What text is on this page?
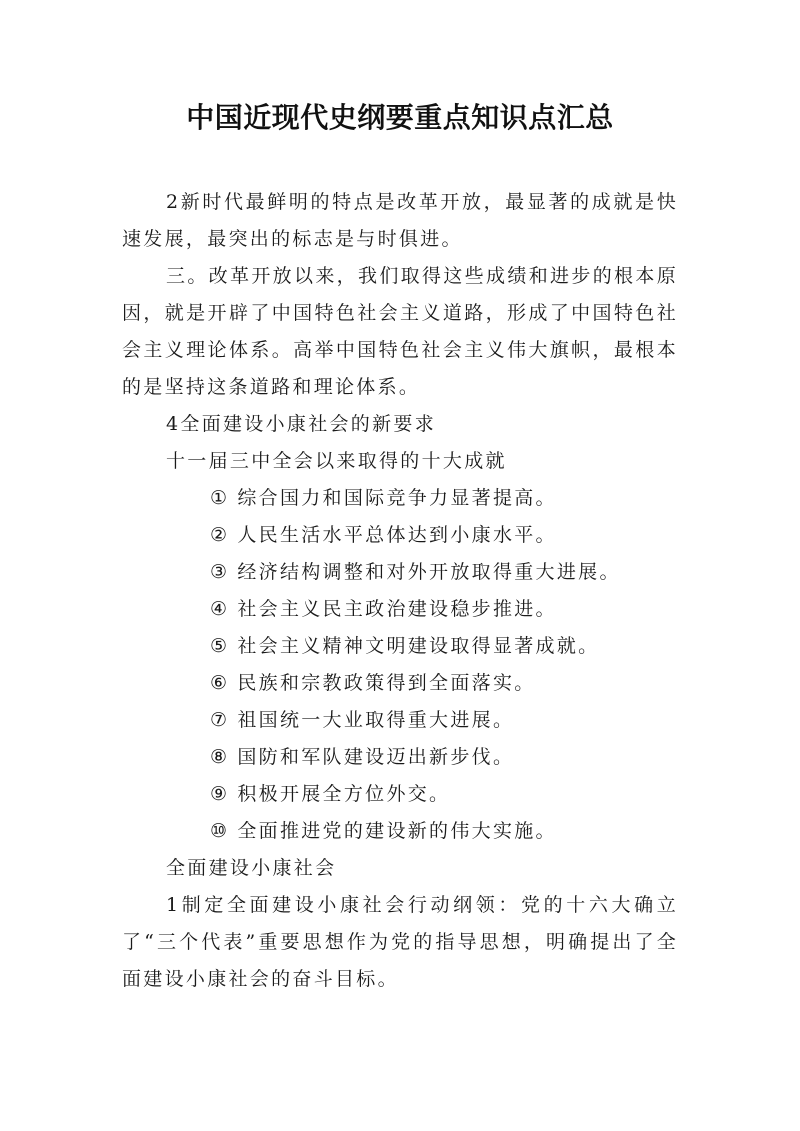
中国近现代史纲要重点知识点汇总

2新时代最鲜明的特点是改革开放，最显著的成就是快速发展，最突出的标志是与时俱进。

三。改革开放以来，我们取得这些成绩和进步的根本原因，就是开辟了中国特色社会主义道路，形成了中国特色社会主义理论体系。高举中国特色社会主义伟大旗帜，最根本的是坚持这条道路和理论体系。

4全面建设小康社会的新要求

十一届三中全会以来取得的十大成就

① 综合国力和国际竞争力显著提高。

② 人民生活水平总体达到小康水平。

③ 经济结构调整和对外开放取得重大进展。

④ 社会主义民主政治建设稳步推进。

⑤ 社会主义精神文明建设取得显著成就。

⑥ 民族和宗教政策得到全面落实。

⑦ 祖国统一大业取得重大进展。

⑧ 国防和军队建设迈出新步伐。

⑨ 积极开展全方位外交。

⑩ 全面推进党的建设新的伟大实施。

全面建设小康社会

1制定全面建设小康社会行动纲领：党的十六大确立了“三个代表”重要思想作为党的指导思想，明确提出了全面建设小康社会的奋斗目标。
